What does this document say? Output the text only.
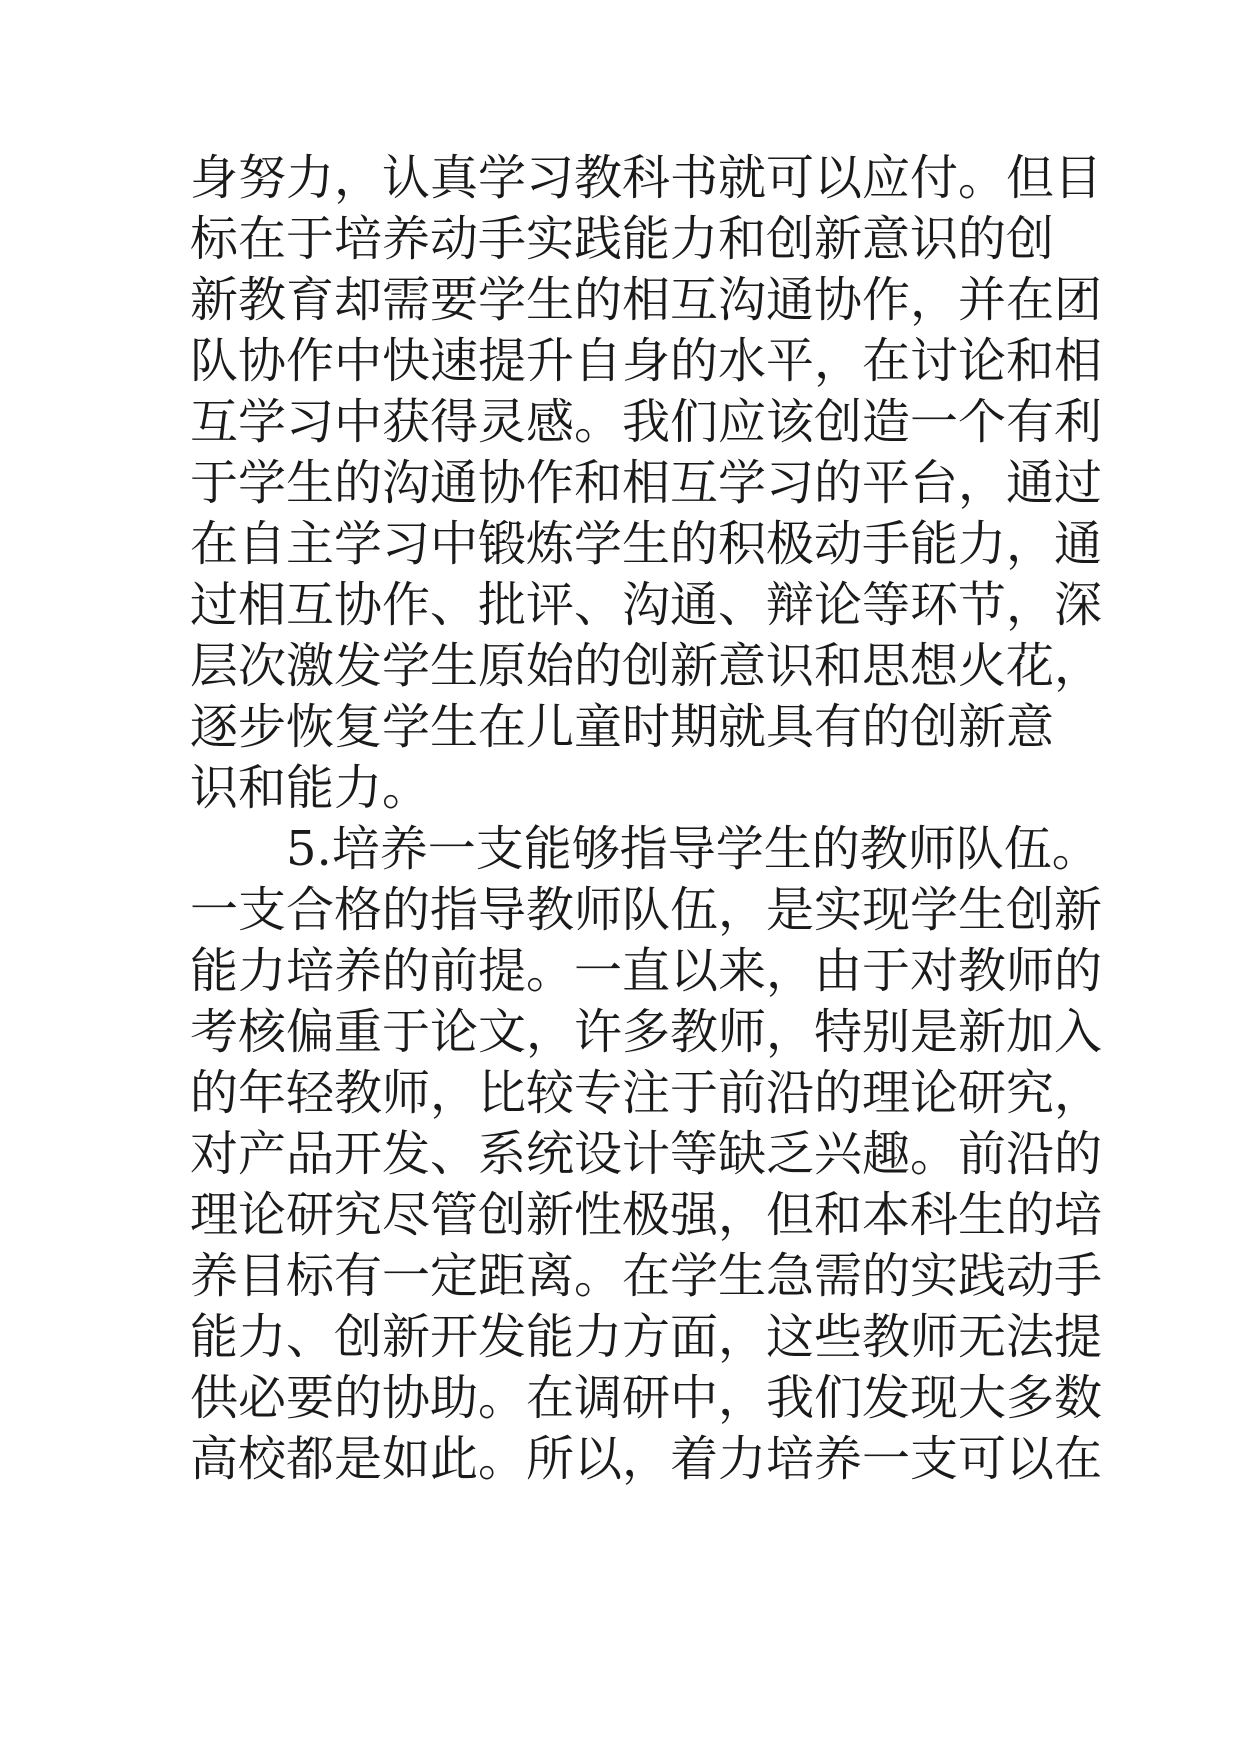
身努力，认真学习教科书就可以应付。但目
标在于培养动手实践能力和创新意识的创
新教育却需要学生的相互沟通协作，并在团
队协作中快速提升自身的水平，在讨论和相
互学习中获得灵感。我们应该创造一个有利
于学生的沟通协作和相互学习的平台，通过
在自主学习中锻炼学生的积极动手能力，通
过相互协作、批评、沟通、辩论等环节，深
层次激发学生原始的创新意识和思想火花，
逐步恢复学生在儿童时期就具有的创新意
识和能力。
5.培养一支能够指导学生的教师队伍。
一支合格的指导教师队伍，是实现学生创新
能力培养的前提。一直以来，由于对教师的
考核偏重于论文，许多教师，特别是新加入
的年轻教师，比较专注于前沿的理论研究，
对产品开发、系统设计等缺乏兴趣。前沿的
理论研究尽管创新性极强，但和本科生的培
养目标有一定距离。在学生急需的实践动手
能力、创新开发能力方面，这些教师无法提
供必要的协助。在调研中，我们发现大多数
高校都是如此。所以，着力培养一支可以在
